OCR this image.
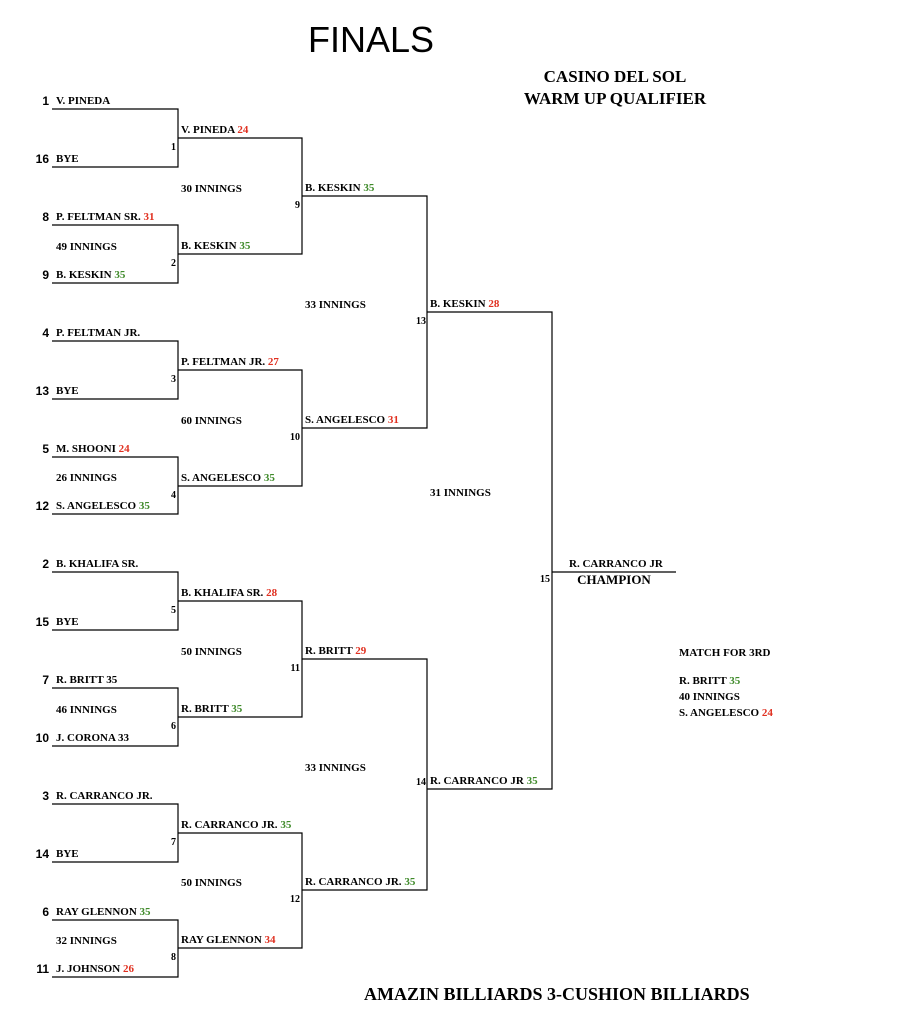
FINALS
CASINO DEL SOL
WARM UP QUALIFIER
AMAZIN BILLIARDS 3-CUSHION BILLIARDS
1 V. PINEDA
16 BYE
8 P. FELTMAN SR. 31
9 B. KESKIN 35
4 P. FELTMAN JR.
13 BYE
5 M. SHOONI 24
12 S. ANGELESCO 35
2 B. KHALIFA SR.
15 BYE
7 R. BRITT 35
10 J. CORONA 33
3 R. CARRANCO JR.
14 BYE
6 RAY GLENNON 35
11 J. JOHNSON 26
V. PINEDA 24
1
B. KESKIN 35
2
P. FELTMAN JR. 27
3
S. ANGELESCO 35
4
B. KHALIFA SR. 28
5
R. BRITT 35
6
R. CARRANCO JR. 35
7
RAY GLENNON 34
8
B. KESKIN 35
9
S. ANGELESCO 31
10
R. BRITT 29
11
R. CARRANCO JR. 35
12
B. KESKIN 28
R. CARRANCO JR 35
13
14
R. CARRANCO JR
CHAMPION
15
49 INNINGS
26 INNINGS
46 INNINGS
32 INNINGS
30 INNINGS
60 INNINGS
50 INNINGS
50 INNINGS
33 INNINGS
33 INNINGS
31 INNINGS
MATCH FOR 3RD
R. BRITT 35
40 INNINGS
S. ANGELESCO 24
